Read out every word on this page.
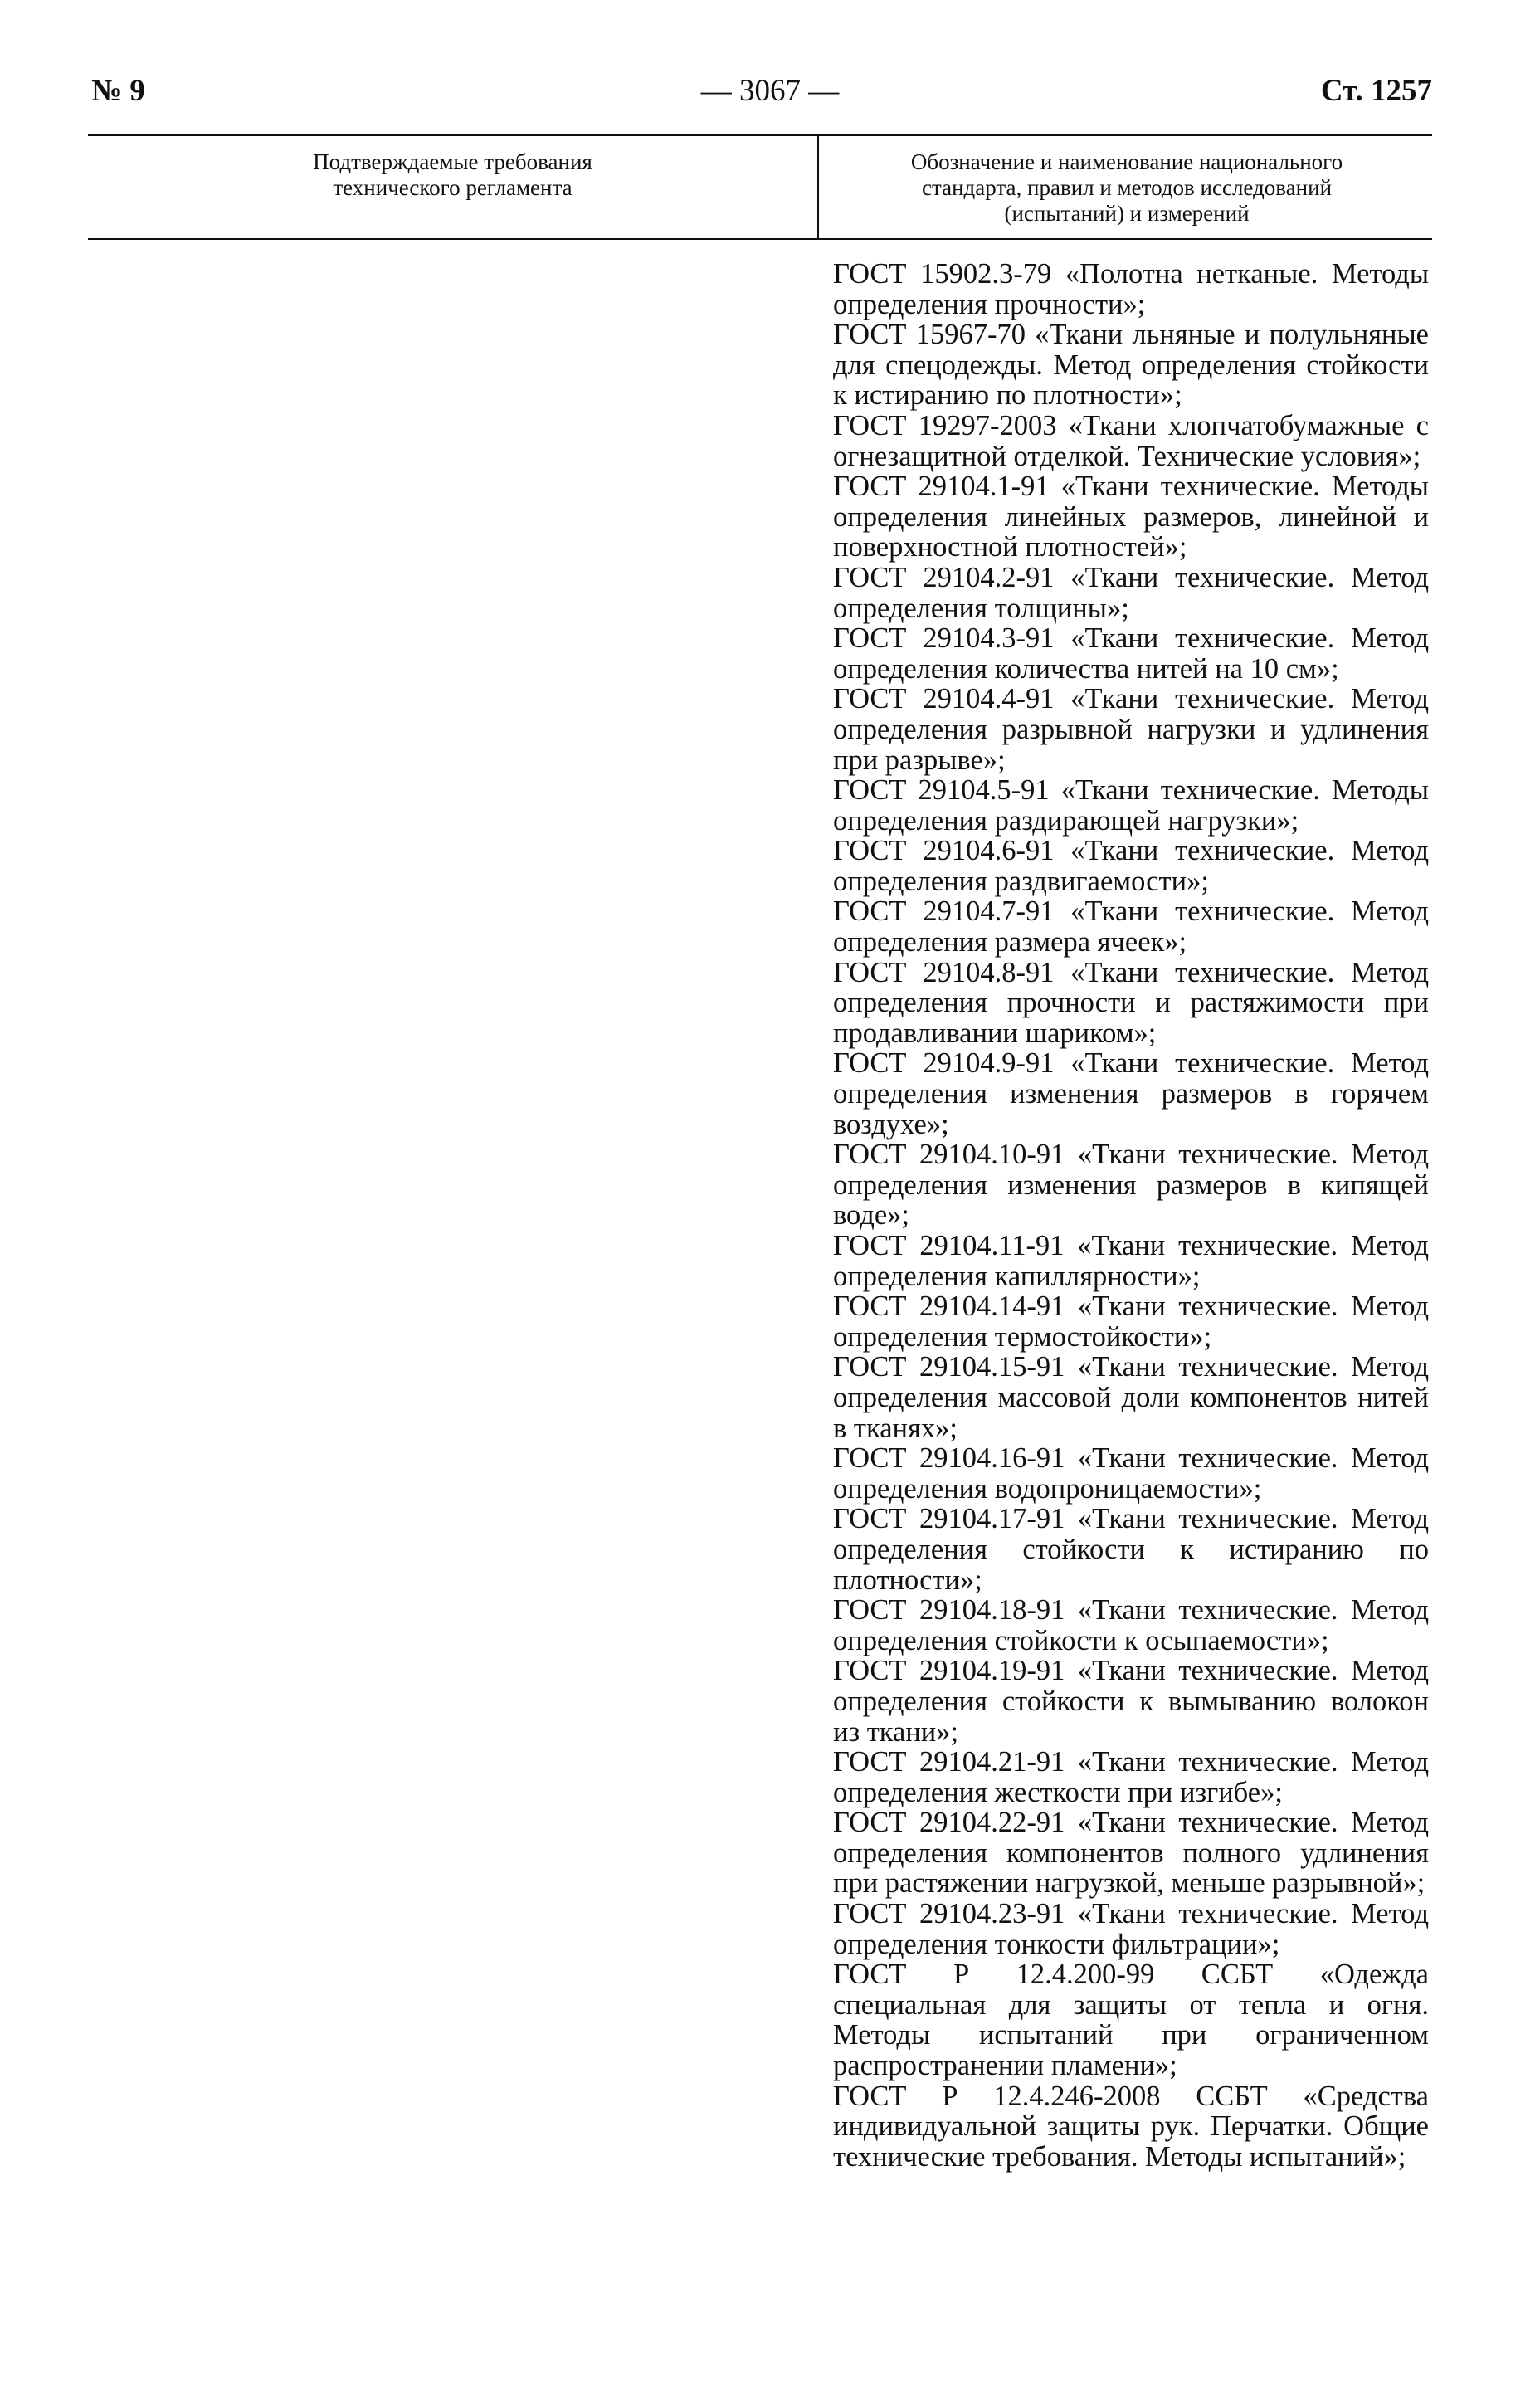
№ 9	— 3067 —	Ст. 1257
Подтверждаемые требования
технического регламента
Обозначение и наименование национального
стандарта, правил и методов исследований
(испытаний) и измерений
ГОСТ 15902.3-79 «Полотна нетканые. Методы определения прочности»;
ГОСТ 15967-70 «Ткани льняные и полульняные для спецодежды. Метод определения стойкости к истиранию по плотности»;
ГОСТ 19297-2003 «Ткани хлопчатобумажные с огнезащитной отделкой. Технические условия»;
ГОСТ 29104.1-91 «Ткани технические. Методы определения линейных размеров, линейной и поверхностной плотностей»;
ГОСТ 29104.2-91 «Ткани технические. Метод определения толщины»;
ГОСТ 29104.3-91 «Ткани технические. Метод определения количества нитей на 10 см»;
ГОСТ 29104.4-91 «Ткани технические. Метод определения разрывной нагрузки и удлинения при разрыве»;
ГОСТ 29104.5-91 «Ткани технические. Методы определения раздирающей нагрузки»;
ГОСТ 29104.6-91 «Ткани технические. Метод определения раздвигаемости»;
ГОСТ 29104.7-91 «Ткани технические. Метод определения размера ячеек»;
ГОСТ 29104.8-91 «Ткани технические. Метод определения прочности и растяжимости при продавливании шариком»;
ГОСТ 29104.9-91 «Ткани технические. Метод определения изменения размеров в горячем воздухе»;
ГОСТ 29104.10-91 «Ткани технические. Метод определения изменения размеров в кипящей воде»;
ГОСТ 29104.11-91 «Ткани технические. Метод определения капиллярности»;
ГОСТ 29104.14-91 «Ткани технические. Метод определения термостойкости»;
ГОСТ 29104.15-91 «Ткани технические. Метод определения массовой доли компонентов нитей в тканях»;
ГОСТ 29104.16-91 «Ткани технические. Метод определения водопроницаемости»;
ГОСТ 29104.17-91 «Ткани технические. Метод определения стойкости к истиранию по плотности»;
ГОСТ 29104.18-91 «Ткани технические. Метод определения стойкости к осыпаемости»;
ГОСТ 29104.19-91 «Ткани технические. Метод определения стойкости к вымыванию волокон из ткани»;
ГОСТ 29104.21-91 «Ткани технические. Метод определения жесткости при изгибе»;
ГОСТ 29104.22-91 «Ткани технические. Метод определения компонентов полного удлинения при растяжении нагрузкой, меньше разрывной»;
ГОСТ 29104.23-91 «Ткани технические. Метод определения тонкости фильтрации»;
ГОСТ Р 12.4.200-99 ССБТ «Одежда специальная для защиты от тепла и огня. Методы испытаний при ограниченном распространении пламени»;
ГОСТ Р 12.4.246-2008 ССБТ «Средства индивидуальной защиты рук. Перчатки. Общие технические требования. Методы испытаний»;
